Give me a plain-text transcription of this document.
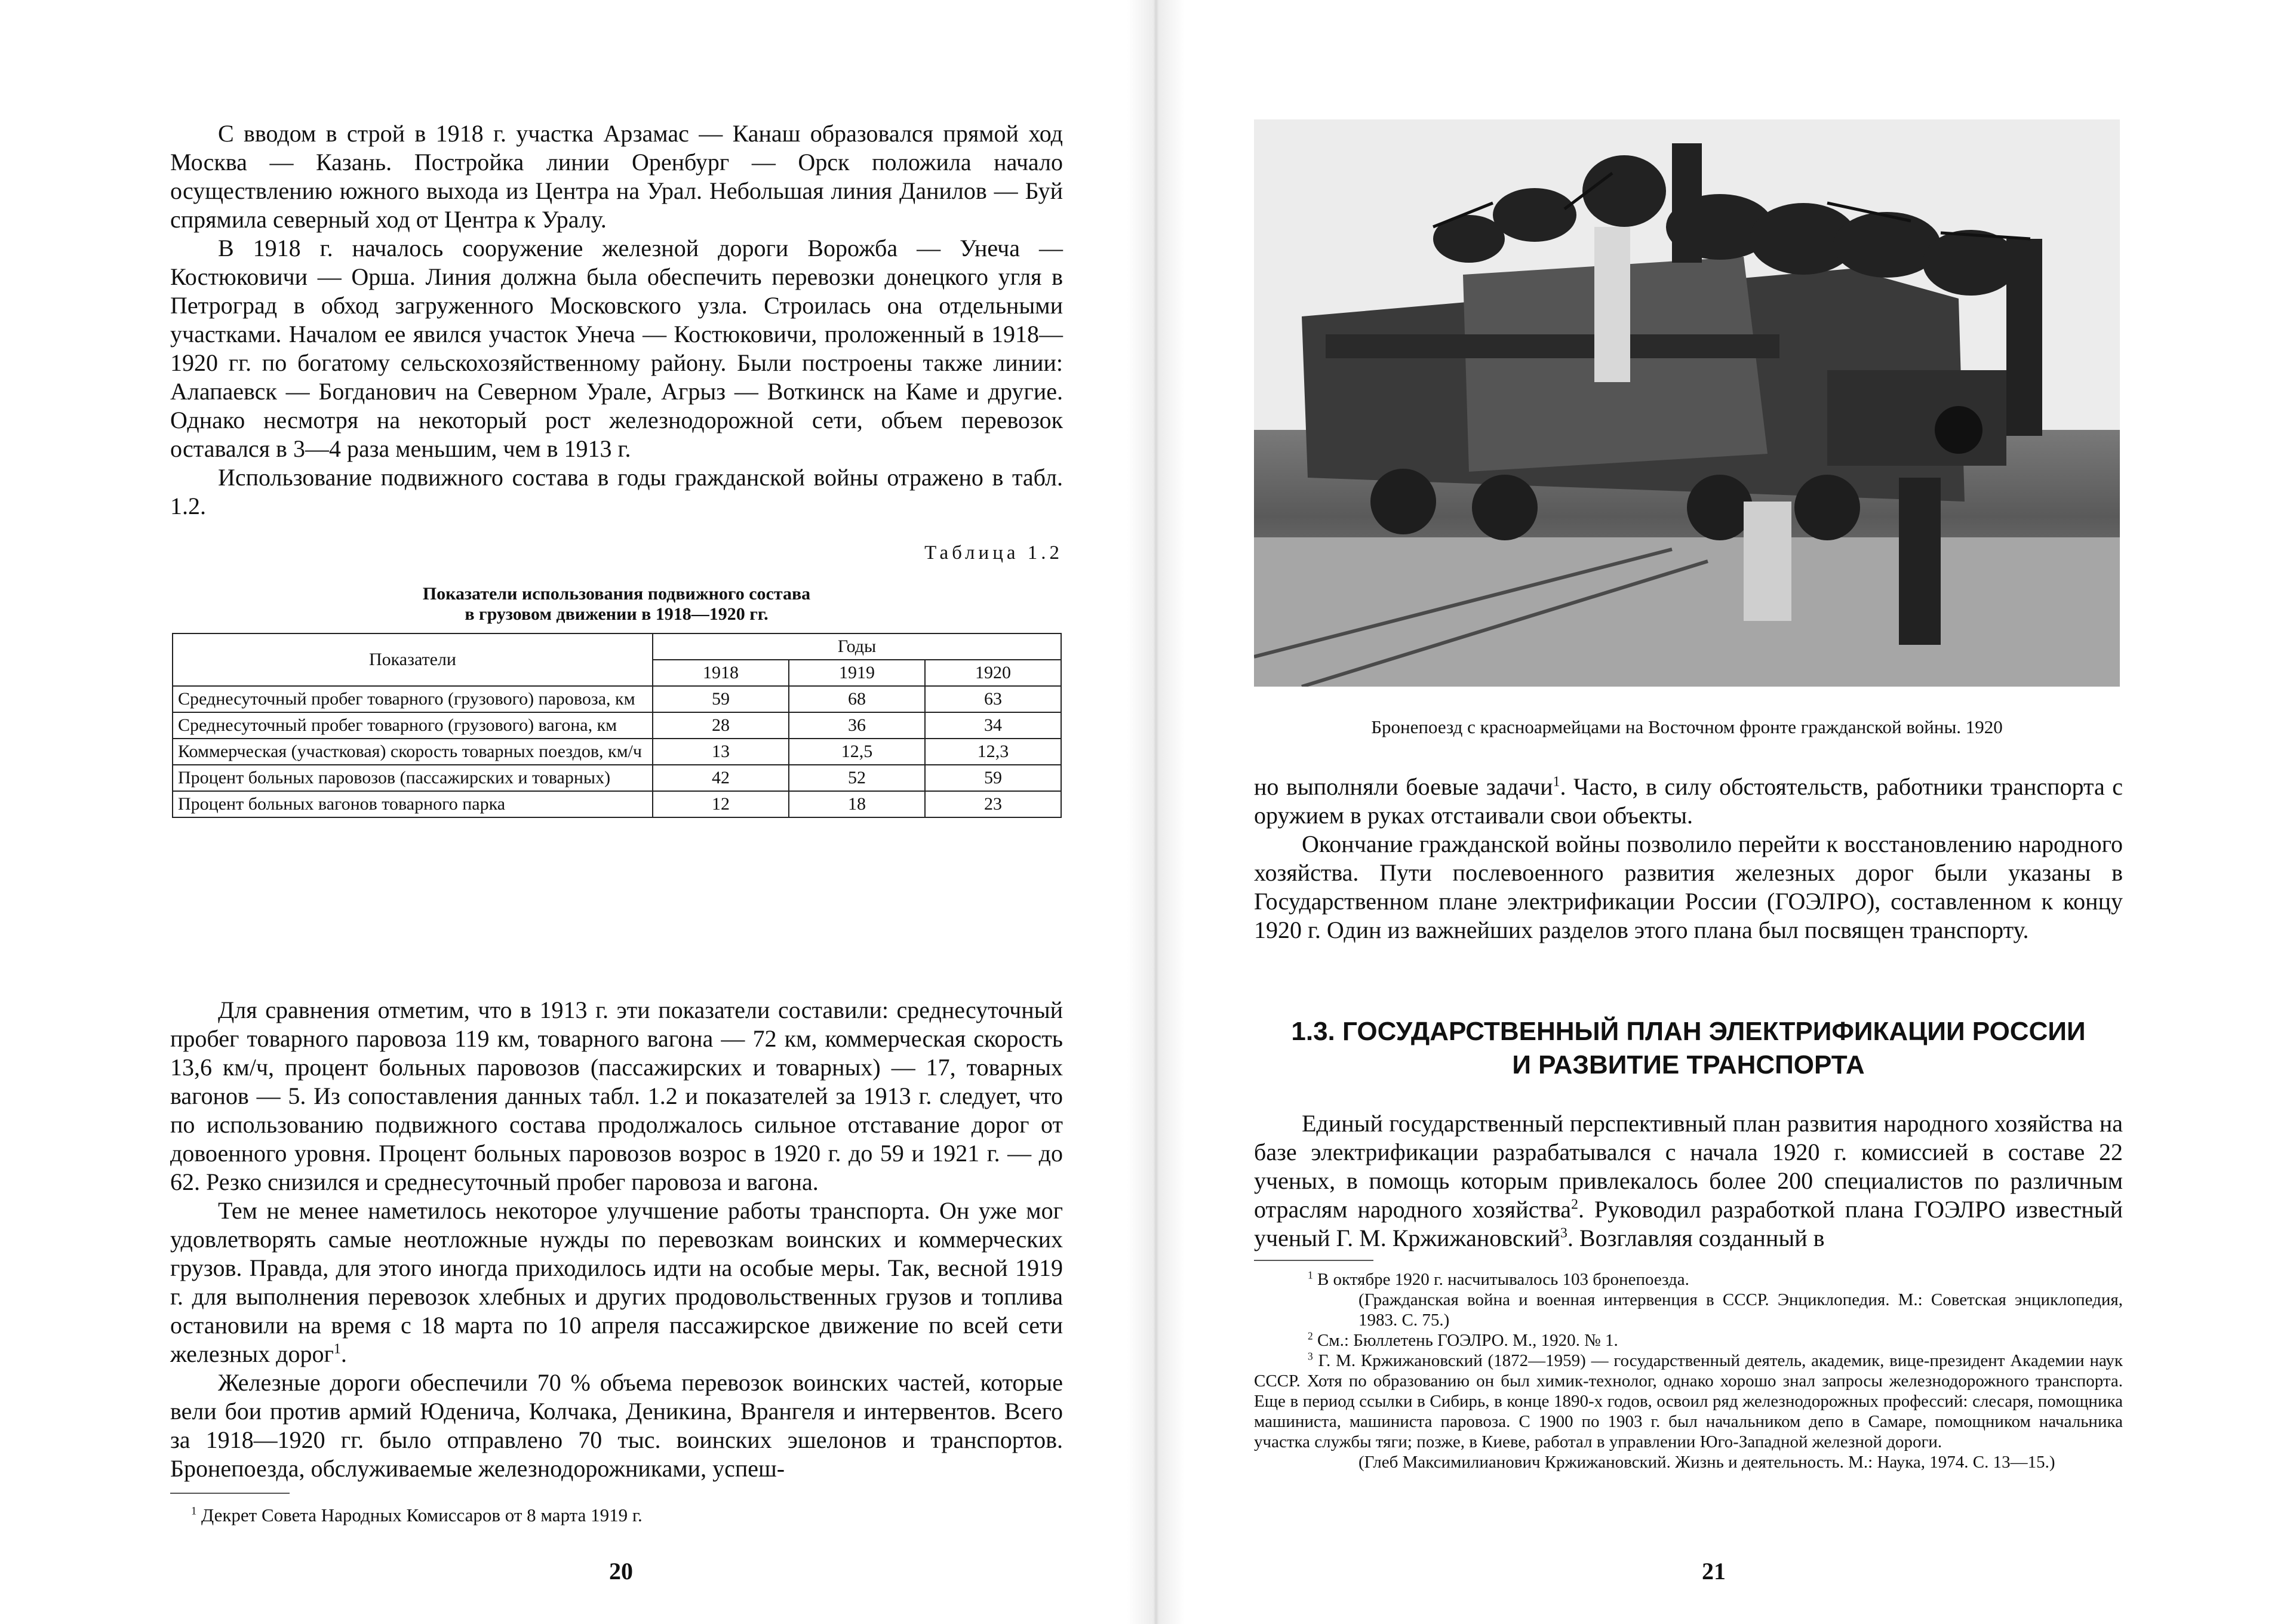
С вводом в строй в 1918 г. участка Арзамас — Канаш образовался прямой ход Москва — Казань. Постройка линии Оренбург — Орск положила начало осуществлению южного выхода из Центра на Урал. Небольшая линия Данилов — Буй спрямила северный ход от Центра к Уралу.

В 1918 г. началось сооружение железной дороги Ворожба — Унеча — Костюковичи — Орша. Линия должна была обеспечить перевозки донецкого угля в Петроград в обход загруженного Московского узла. Строилась она отдельными участками. Началом ее явился участок Унеча — Костюковичи, проложенный в 1918—1920 гг. по богатому сельскохозяйственному району. Были построены также линии: Алапаевск — Богданович на Северном Урале, Агрыз — Воткинск на Каме и другие. Однако несмотря на некоторый рост железнодорожной сети, объем перевозок оставался в 3—4 раза меньшим, чем в 1913 г.

Использование подвижного состава в годы гражданской войны отражено в табл. 1.2.

Таблица 1.2
Показатели использования подвижного состава
в грузовом движении в 1918—1920 гг.
Показатели	Годы		
	1918	1919	1920
Среднесуточный пробег товарного (грузового) паровоза, км	59	68	63
Среднесуточный пробег товарного (грузового) вагона, км	28	36	34
Коммерческая (участковая) скорость товарных поездов, км/ч	13	12,5	12,3
Процент больных паровозов (пассажирских и товарных)	42	52	59
Процент больных вагонов товарного парка	12	18	23

Для сравнения отметим, что в 1913 г. эти показатели составили: среднесуточный пробег товарного паровоза 119 км, товарного вагона — 72 км, коммерческая скорость 13,6 км/ч, процент больных паровозов (пассажирских и товарных) — 17, товарных вагонов — 5. Из сопоставления данных табл. 1.2 и показателей за 1913 г. следует, что по использованию подвижного состава продолжалось сильное отставание дорог от довоенного уровня. Процент больных паровозов возрос в 1920 г. до 59 и 1921 г. — до 62. Резко снизился и среднесуточный пробег паровоза и вагона.

Тем не менее наметилось некоторое улучшение работы транспорта. Он уже мог удовлетворять самые неотложные нужды по перевозкам воинских и коммерческих грузов. Правда, для этого иногда приходилось идти на особые меры. Так, весной 1919 г. для выполнения перевозок хлебных и других продовольственных грузов и топлива остановили на время с 18 марта по 10 апреля пассажирское движение по всей сети железных дорог$^1$.

Железные дороги обеспечили 70 % объема перевозок воинских частей, которые вели бои против армий Юденича, Колчака, Деникина, Врангеля и интервентов. Всего за 1918—1920 гг. было отправлено 70 тыс. воинских эшелонов и транспортов. Бронепоезда, обслуживаемые железнодорожниками, успеш-

$^1$ Декрет Совета Народных Комиссаров от 8 марта 1919 г.
20
Бронепоезд с красноармейцами на Восточном фронте гражданской войны. 1920

но выполняли боевые задачи$^1$. Часто, в силу обстоятельств, работники транспорта с оружием в руках отстаивали свои объекты.

Окончание гражданской войны позволило перейти к восстановлению народного хозяйства. Пути послевоенного развития железных дорог были указаны в Государственном плане электрификации России (ГОЭЛРО), составленном к концу 1920 г. Один из важнейших разделов этого плана был посвящен транспорту.

1.3. ГОСУДАРСТВЕННЫЙ ПЛАН ЭЛЕКТРИФИКАЦИИ РОССИИ
И РАЗВИТИЕ ТРАНСПОРТА

Единый государственный перспективный план развития народного хозяйства на базе электрификации разрабатывался с начала 1920 г. комиссией в составе 22 ученых, в помощь которым привлекалось более 200 специалистов по различным отраслям народного хозяйства$^2$. Руководил разработкой плана ГОЭЛРО известный ученый Г. М. Кржижановский$^3$. Возглавляя созданный в

$^1$ В октябре 1920 г. насчитывалось 103 бронепоезда.

(Гражданская война и военная интервенция в СССР. Энциклопедия. М.: Советская энциклопедия, 1983. С. 75.)

$^2$ См.: Бюллетень ГОЭЛРО. М., 1920. № 1.

$^3$ Г. М. Кржижановский (1872—1959) — государственный деятель, академик, вице-президент Академии наук СССР. Хотя по образованию он был химик-технолог, однако хорошо знал запросы железнодорожного транспорта. Еще в период ссылки в Сибирь, в конце 1890-х годов, освоил ряд железнодорожных профессий: слесаря, помощника машиниста, машиниста паровоза. С 1900 по 1903 г. был начальником депо в Самаре, помощником начальника участка службы тяги; позже, в Киеве, работал в управлении Юго-Западной железной дороги.

(Глеб Максимилианович Кржижановский. Жизнь и деятельность. М.: Наука, 1974. С. 13—15.)

21
